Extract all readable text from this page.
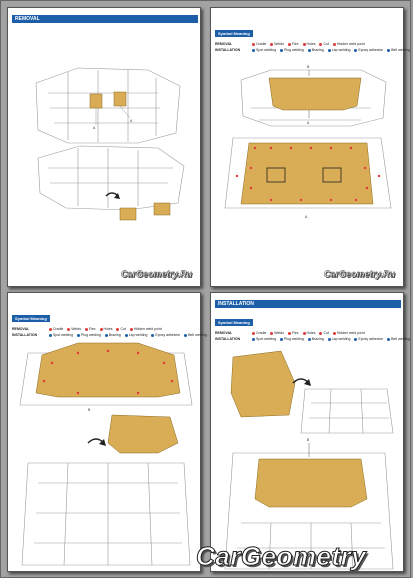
REMOVAL
A
A
CarGeometry.Ru
Symbol Meaning
REMOVAL	Cradle Welds Flex Holes Cut Hidden weld point
INSTALLATION	Spot welding Plug welding Brazing Lap welding Epoxy adhesive Belt welding
B
A
A
CarGeometry.Ru
Symbol Meaning
REMOVAL	Cradle Welds Flex Holes Cut Hidden weld point
INSTALLATION	Spot welding Plug welding Brazing Lap welding Epoxy adhesive Belt welding
B
INSTALLATION
Symbol Meaning
REMOVAL	Cradle Welds Flex Holes Cut Hidden weld point
INSTALLATION	Spot welding Plug welding Brazing Lap welding Epoxy adhesive Belt welding
B
CarGeometry
